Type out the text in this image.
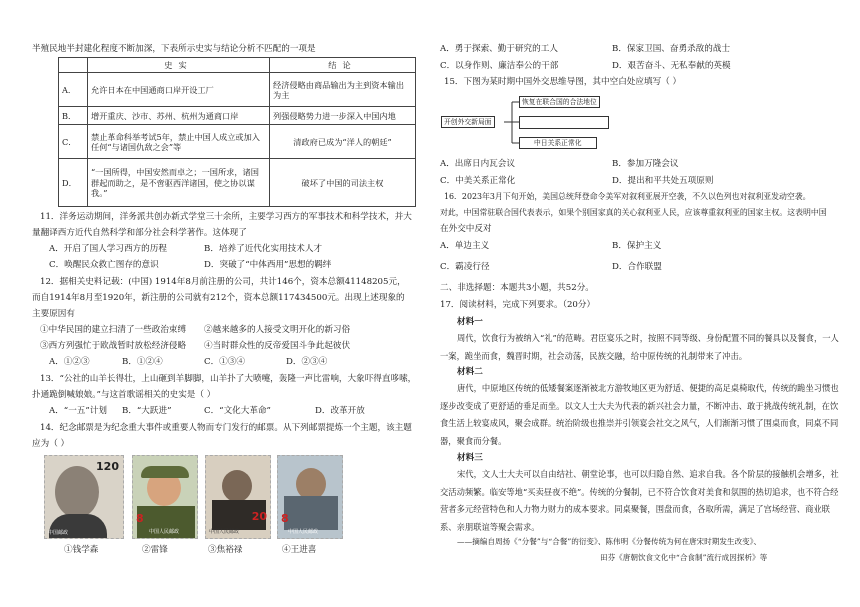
半殖民地半封建化程度不断加深，下表所示史实与结论分析不匹配的一项是
	史实	结论
A．	允许日本在中国通商口岸开设工厂	经济侵略由商品输出为主到资本输出为主
B．	增开重庆、沙市、苏州、杭州为通商口岸	列强侵略势力进一步深入中国内地
C．	禁止革命科举考试5年，禁止中国人成立或加入任何“与诸国仇敌之会”等	清政府已成为“洋人的朝廷”
D．	“一国所得，中国安然而卓之；一国所求，诸国群起而助之，是不啻驱西洋诸国，使之协以谋我。”	破坏了中国的司法主权
11．洋务运动期间，洋务派共创办新式学堂三十余所，主要学习西方的军事技术和科学技术，并大
量翻译西方近代自然科学和部分社会科学著作。这体现了
A．开启了国人学习西方的历程	B．培养了近代化实用技术人才
C．唤醒民众救亡图存的意识	D．突破了“中体西用”思想的羁绊
12．据相关史料记载：(中国) 1914年8月前注册的公司，共计146个，资本总额41148205元，
而自1914年8月至1920年，新注册的公司就有212个，资本总额117434500元。出现上述现象的
主要原因有
①中华民国的建立扫清了一些政治束缚 ②越来越多的人接受文明开化的新习俗
③西方列强忙于欧战暂时放松经济侵略 ④当时群众性的反帝爱国斗争此起彼伏
A．①②③	B．①②④	C．①③④	D．②③④
13．“公社的山羊长得壮，上山砸到羊脚脚，山羊扑了大喷嚏，轰隆一声比雷响，大象吓得直哆嗦，
扑通跪倒喊娘娘。”与这首歌谣相关的史实是（ ）
A．“一五”计划 B．“大跃进”	C．“文化大革命”	D．改革开放
14．纪念邮票是为纪念重大事件或重要人物而专门发行的邮票。从下列邮票提炼一个主题，该主题
应为（ ）
120
中国邮政
①钱学森
8
中国人民邮政
②雷锋
20
中国人民邮政
③焦裕禄
8
中国人民邮政
④王进喜
A．勇于探索、勤于研究的工人	B．保家卫国、奋勇杀敌的战士
C．以身作则、廉洁奉公的干部	D．艰苦奋斗、无私奉献的英模
15．下图为某时期中国外交思维导图，其中空白处应填写（ ）
开创外交新局面
恢复在联合国的合法地位
中日关系正常化
A．出席日内瓦会议	B．参加万隆会议
C．中美关系正常化	D．提出和平共处五项原则
16．2023年3月下旬开始，美国总统拜登命令美军对叙利亚展开空袭，不久以色列也对叙利亚发动空袭。
对此，中国常驻联合国代表表示，如果个别国家真的关心叙利亚人民，应该尊重叙利亚的国家主权。这表明中国
在外交中反对
A．单边主义	B．保护主义
C．霸凌行径	D．合作联盟
二、非选择题：本题共3小题，共52分。
17．阅读材料，完成下列要求。（20分）
材料一
周代，饮食行为被纳入“礼”的范畴。君臣宴乐之时，按照不同等级、身份配置不同的餐具以及餐食，一人一案，跪坐而食，魏晋时期，社会动荡，民族交融，给中原传统的礼制带来了冲击。
材料二
唐代，中原地区传统的低矮餐案逐渐被北方游牧地区更为舒适、便捷的高足桌椅取代，传统的跪坐习惯也逐步改变成了更舒适的垂足而坐。以文人士大夫为代表的新兴社会力量，不断冲击、敢于挑战传统礼制，在饮食生活上较宴成风，聚会成群。统治阶级也推崇并引领宴会社交之风气，人们渐渐习惯了围桌而食，同桌不同器，聚食而分餐。
材料三
宋代，文人士大夫可以自由结社、朝堂论事，也可以归隐自然、追求自我。各个阶层的接触机会增多，社交活动频繁。临安等地“买卖昼夜不绝”。传统的分餐制，已不符合饮食对美食和氛围的热切追求，也不符合经营者多元经营特色和人力物力财力的成本要求。同桌聚餐，围盘而食，各取所需，满足了宫场经营、商业联系、亲朋联谊等聚会需求。
——摘编自周扬《“分餐”与“合餐”的衍变》、陈伟明《分餐传统为何在唐宋时期发生改变》、
田芬《唐朝饮食文化中“合食制”流行成因探析》等
